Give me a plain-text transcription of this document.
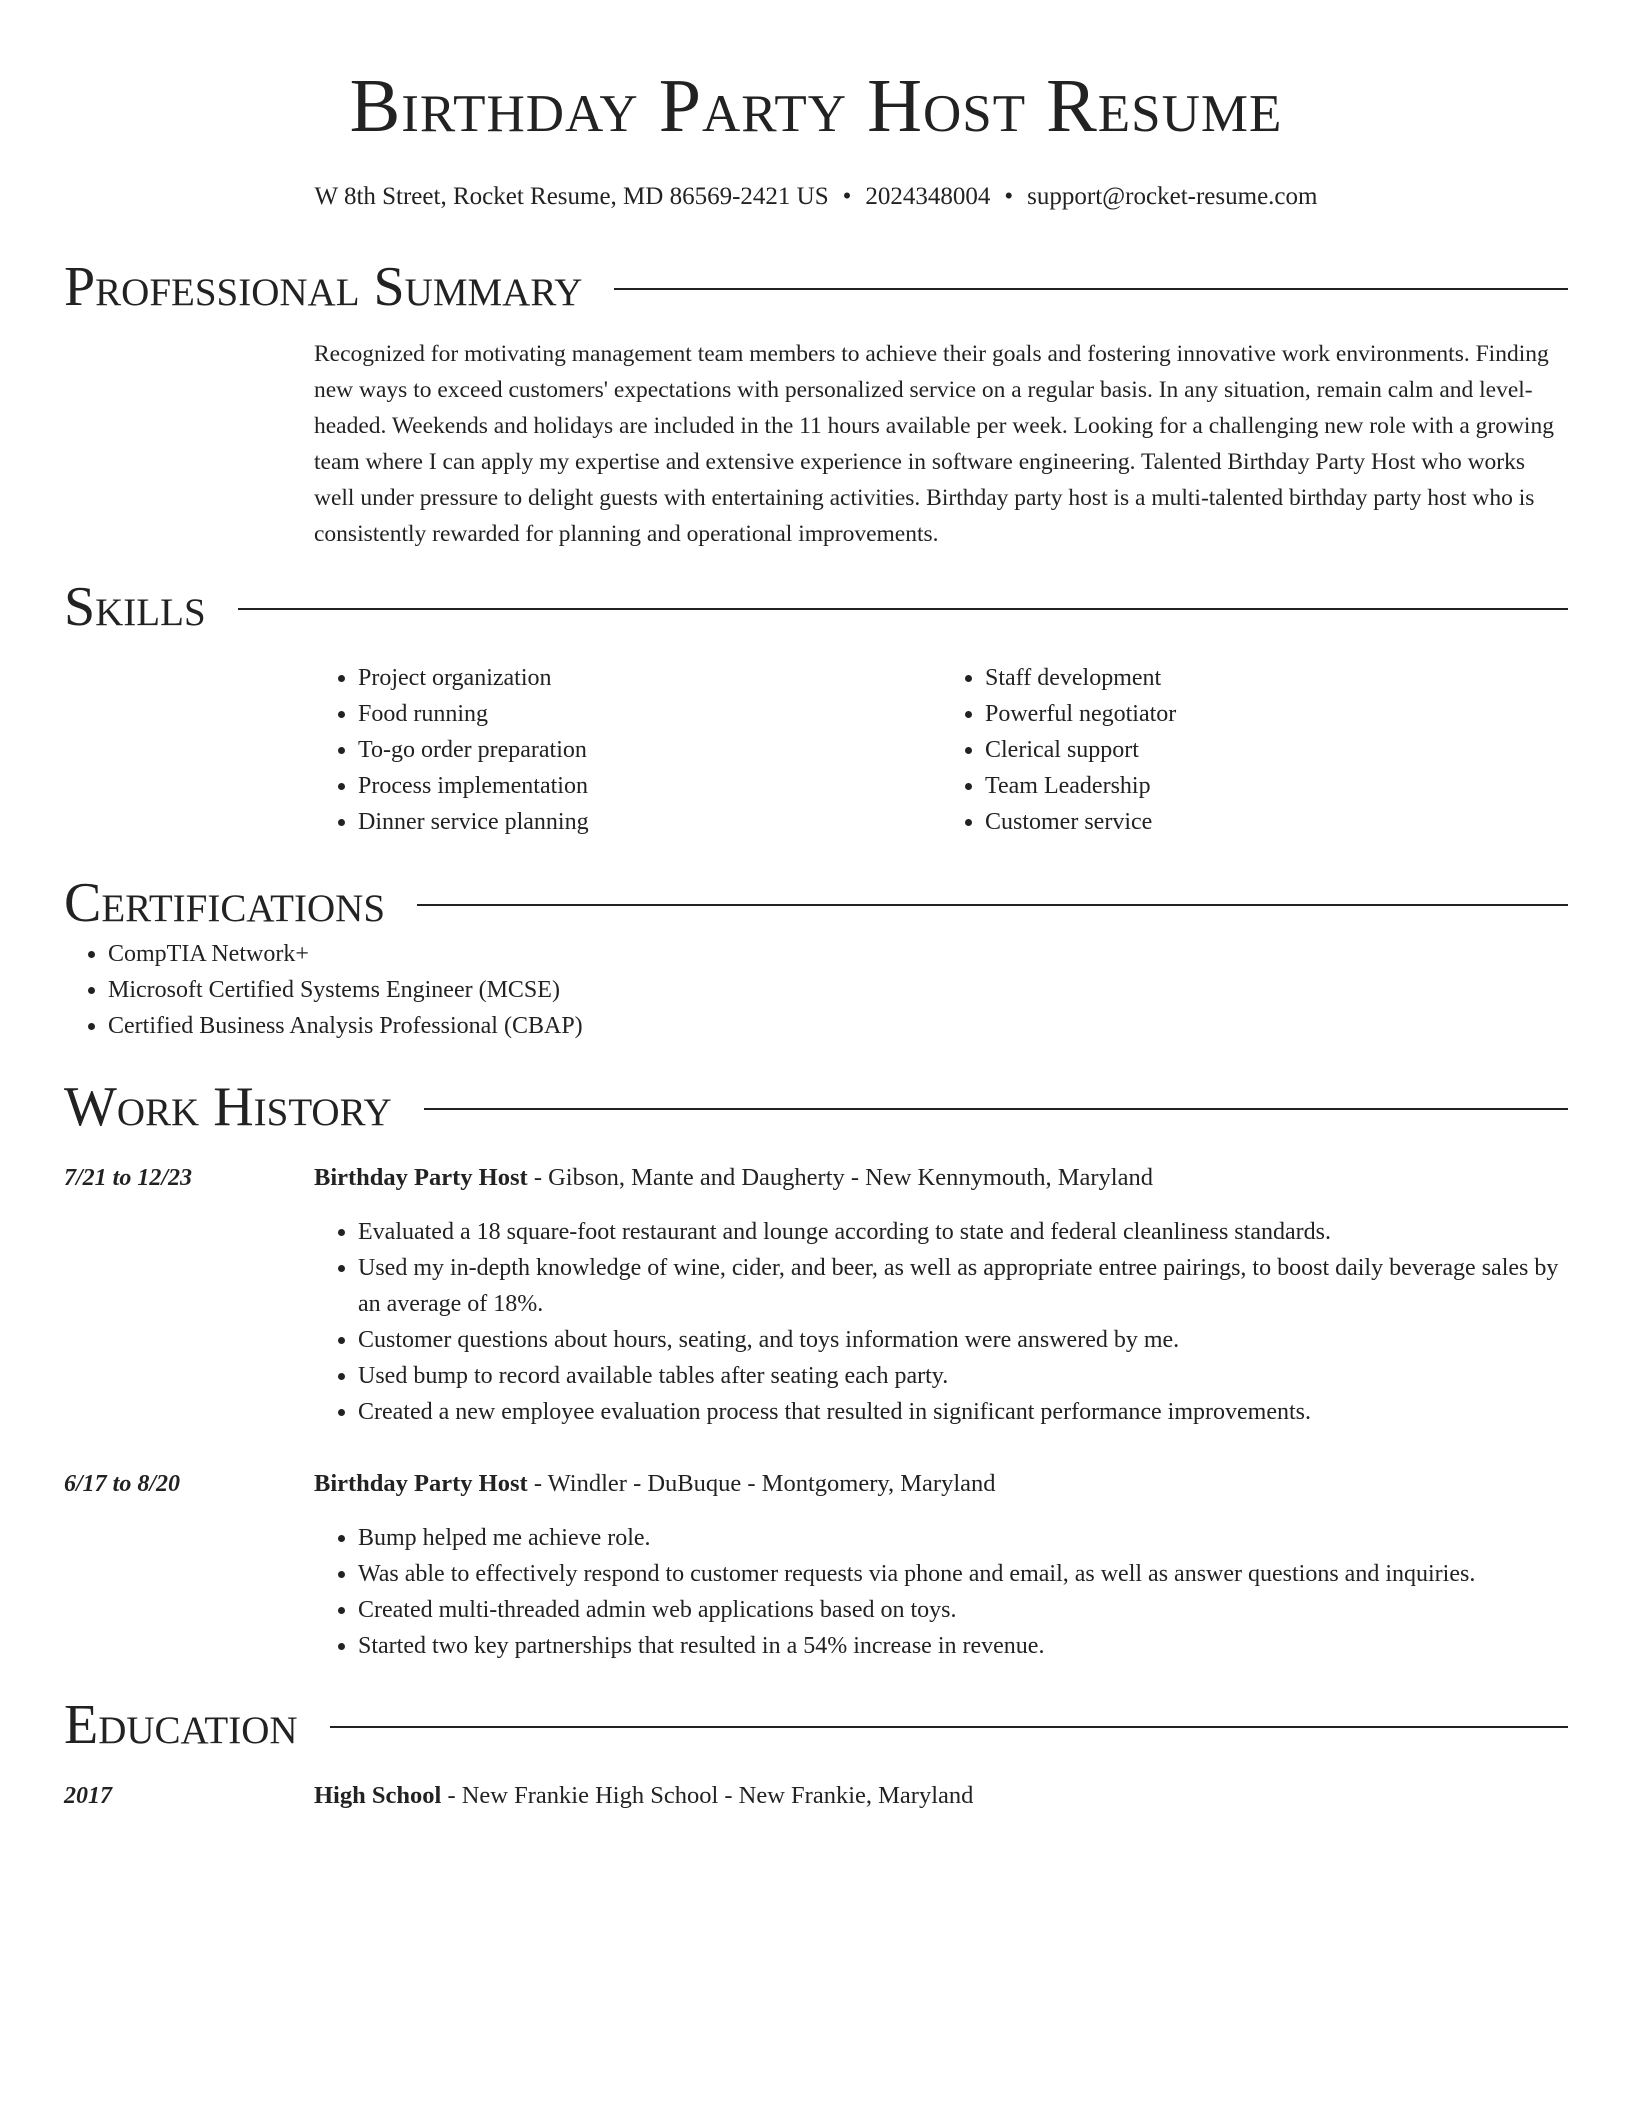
Birthday Party Host Resume
W 8th Street, Rocket Resume, MD 86569-2421 US • 2024348004 • support@rocket-resume.com
Professional Summary

Recognized for motivating management team members to achieve their goals and fostering innovative work environments. Finding new ways to exceed customers' expectations with personalized service on a regular basis. In any situation, remain calm and level-headed. Weekends and holidays are included in the 11 hours available per week. Looking for a challenging new role with a growing team where I can apply my expertise and extensive experience in software engineering. Talented Birthday Party Host who works well under pressure to delight guests with entertaining activities. Birthday party host is a multi-talented birthday party host who is consistently rewarded for planning and operational improvements.

Skills
• Project organization
• Food running
• To-go order preparation
• Process implementation
• Dinner service planning
• Staff development
• Powerful negotiator
• Clerical support
• Team Leadership
• Customer service
Certifications
• CompTIA Network+
• Microsoft Certified Systems Engineer (MCSE)
• Certified Business Analysis Professional (CBAP)
Work History
7/21 to 12/23	Birthday Party Host - Gibson, Mante and Daugherty - New Kennymouth, Maryland
• Evaluated a 18 square-foot restaurant and lounge according to state and federal cleanliness standards.
• Used my in-depth knowledge of wine, cider, and beer, as well as appropriate entree pairings, to boost daily beverage sales by an average of 18%.
• Customer questions about hours, seating, and toys information were answered by me.
• Used bump to record available tables after seating each party.
• Created a new employee evaluation process that resulted in significant performance improvements.
6/17 to 8/20	Birthday Party Host - Windler - DuBuque - Montgomery, Maryland
• Bump helped me achieve role.
• Was able to effectively respond to customer requests via phone and email, as well as answer questions and inquiries.
• Created multi-threaded admin web applications based on toys.
• Started two key partnerships that resulted in a 54% increase in revenue.
Education
2017	High School - New Frankie High School - New Frankie, Maryland
